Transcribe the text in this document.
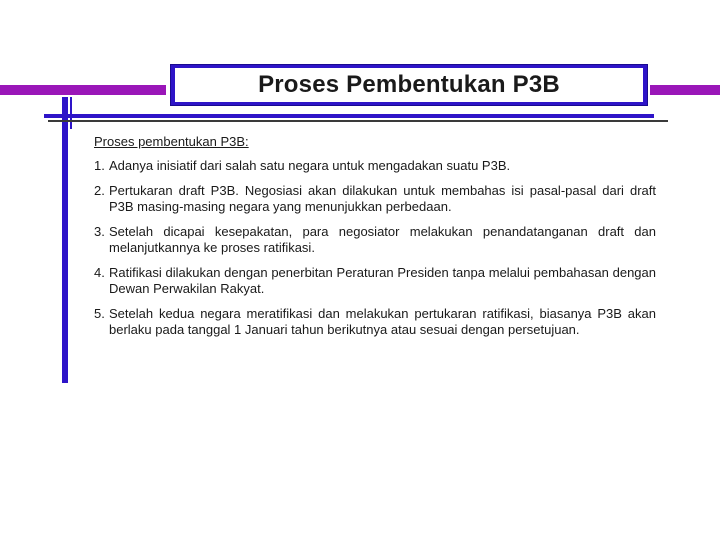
Proses Pembentukan P3B

Proses pembentukan P3B:

1. Adanya inisiatif dari salah satu negara untuk mengadakan suatu P3B.

2. Pertukaran draft P3B. Negosiasi akan dilakukan untuk membahas isi pasal-pasal dari draft P3B masing-masing negara yang menunjukkan perbedaan.

3. Setelah dicapai kesepakatan, para negosiator melakukan penandatanganan draft dan melanjutkannya ke proses ratifikasi.

4. Ratifikasi dilakukan dengan penerbitan Peraturan Presiden tanpa melalui pembahasan dengan Dewan Perwakilan Rakyat.

5. Setelah kedua negara meratifikasi dan melakukan pertukaran ratifikasi, biasanya P3B akan berlaku pada tanggal 1 Januari tahun berikutnya atau sesuai dengan persetujuan.
